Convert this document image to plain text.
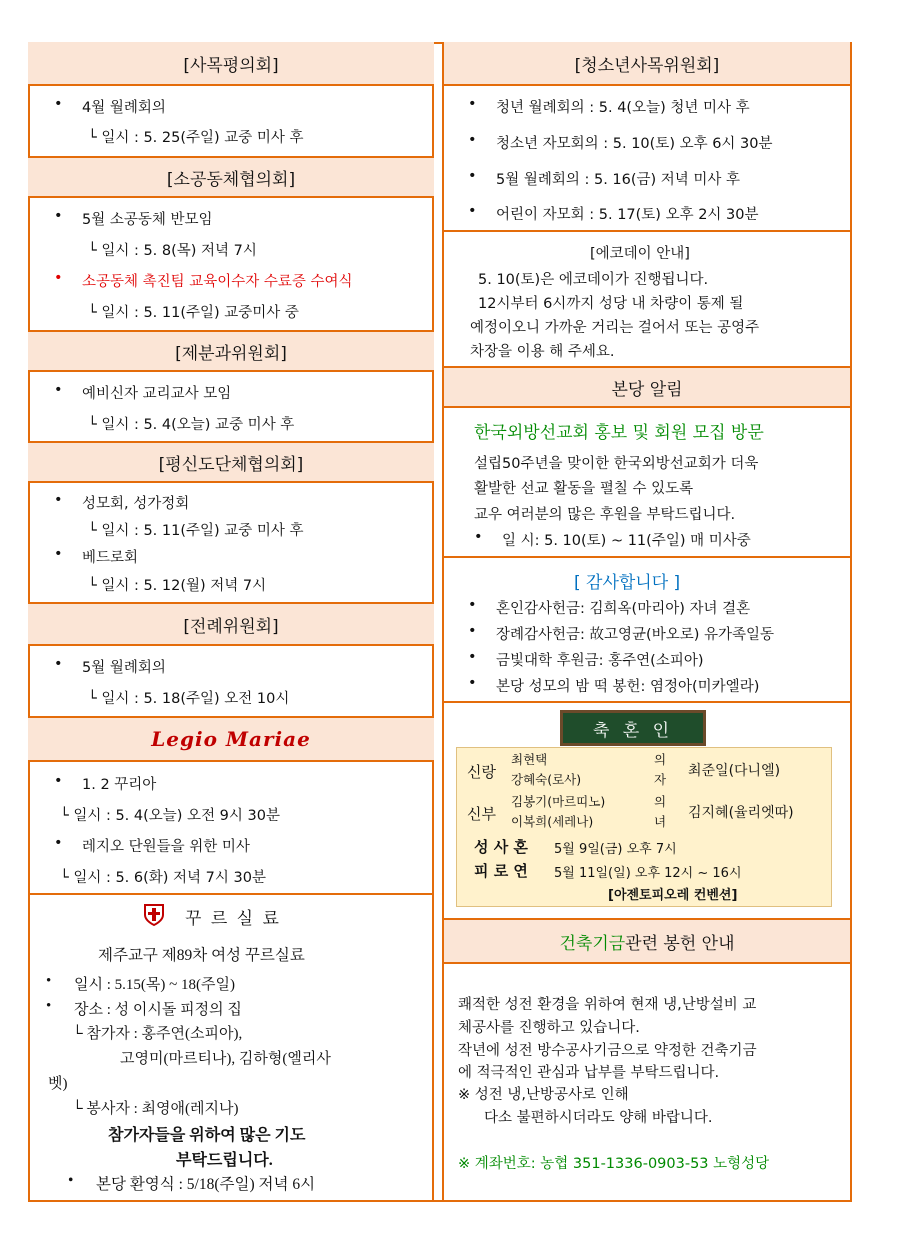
[사목평의회]
• 4월 월례회의
└ 일시 : 5. 25(주일) 교중 미사 후
[소공동체협의회]
• 5월 소공동체 반모임
└ 일시 : 5. 8(목) 저녁 7시
• 소공동체 촉진팀 교육이수자 수료증 수여식
└ 일시 : 5. 11(주일) 교중미사 중
[제분과위원회]
• 예비신자 교리교사 모임
└ 일시 : 5. 4(오늘) 교중 미사 후
[평신도단체협의회]
• 성모회, 성가정회
└ 일시 : 5. 11(주일) 교중 미사 후
• 베드로회
└ 일시 : 5. 12(월) 저녁 7시
[전례위원회]
• 5월 월례회의
└ 일시 : 5. 18(주일) 오전 10시
Legio Mariae
• 1. 2 꾸리아
└ 일시 : 5. 4(오늘) 오전 9시 30분
• 레지오 단원들을 위한 미사
└ 일시 : 5. 6(화) 저녁 7시 30분
꾸 르 실 료
제주교구 제89차 여성 꾸르실료
• 일시 : 5.15(목) ~ 18(주일)
• 장소 : 성 이시돌 피정의 집
└ 참가자 : 홍주연(소피아),
고영미(마르티나), 김하형(엘리사
벳)
└ 봉사자 : 최영애(레지나)
참가자들을 위하여 많은 기도
부탁드립니다.
• 본당 환영식 : 5/18(주일) 저녁 6시
[청소년사목위원회]
• 청년 월례회의 : 5. 4(오늘) 청년 미사 후
• 청소년 자모회의 : 5. 10(토) 오후 6시 30분
• 5월 월례회의 : 5. 16(금) 저녁 미사 후
• 어린이 자모회 : 5. 17(토) 오후 2시 30분
[에코데이 안내]
5. 10(토)은 에코데이가 진행됩니다.
12시부터 6시까지 성당 내 차량이 통제 될
예정이오니 가까운 거리는 걸어서 또는 공영주
차장을 이용 해 주세요.
본당 알림
한국외방선교회 홍보 및 회원 모집 방문
설립50주년을 맞이한 한국외방선교회가 더욱
활발한 선교 활동을 펼칠 수 있도록
교우 여러분의 많은 후원을 부탁드립니다.
• 일 시: 5. 10(토) ~ 11(주일) 매 미사중
[ 감사합니다 ]
• 혼인감사헌금: 김희옥(마리아) 자녀 결혼
• 장례감사헌금: 故고영균(바오로) 유가족일동
• 금빛대학 후원금: 홍주연(소피아)
• 본당 성모의 밤 떡 봉헌: 염정아(미카엘라)
축 혼 인
신랑
최현택
강혜숙(로사)
의
자
최준일(다니엘)
신부
김봉기(마르띠노)
이복희(세레나)
의
녀
김지혜(율리엣따)
성 사 혼 5월 9일(금) 오후 7시
피 로 연 5월 11일(일) 오후 12시 ~ 16시
[아젠토피오레 컨벤션]
건축기금 관련 봉헌 안내
쾌적한 성전 환경을 위하여 현재 냉,난방설비 교
체공사를 진행하고 있습니다.
작년에 성전 방수공사기금으로 약정한 건축기금
에 적극적인 관심과 납부를 부탁드립니다.
※ 성전 냉,난방공사로 인해
다소 불편하시더라도 양해 바랍니다.
※ 계좌번호: 농협 351-1336-0903-53 노형성당
